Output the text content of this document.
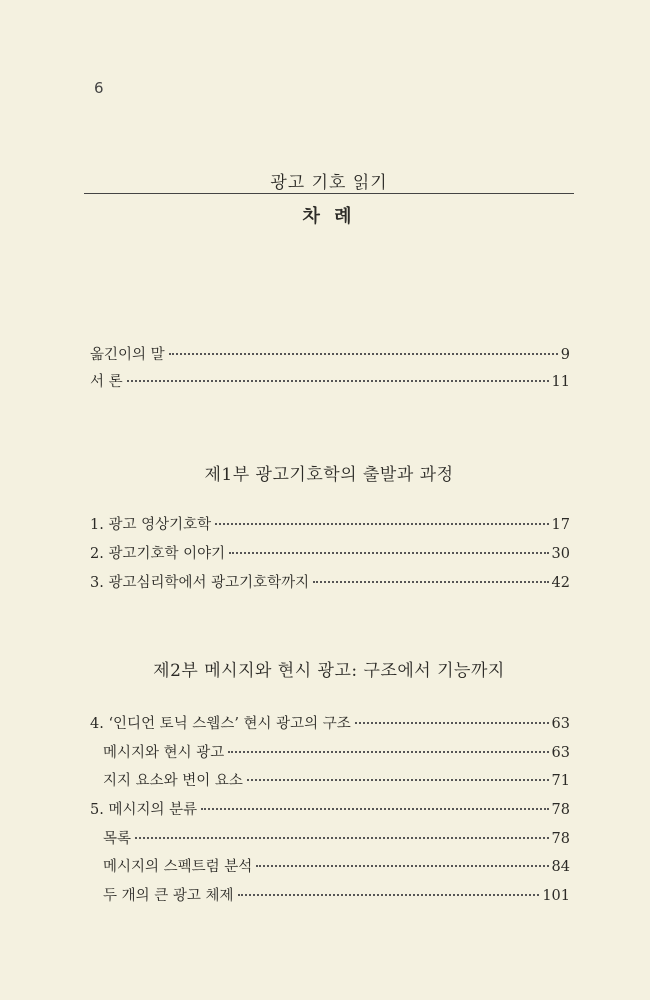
6
광고 기호 읽기
차 례
옮긴이의 말	9
서 론	11
제1부 광고기호학의 출발과 과정
1. 광고 영상기호학	17
2. 광고기호학 이야기	30
3. 광고심리학에서 광고기호학까지	42
제2부 메시지와 현시 광고: 구조에서 기능까지
4. ‘인디언 토닉 스웹스’ 현시 광고의 구조	63
메시지와 현시 광고	63
지지 요소와 변이 요소	71
5. 메시지의 분류	78
목록	78
메시지의 스펙트럼 분석	84
두 개의 큰 광고 체제	101
